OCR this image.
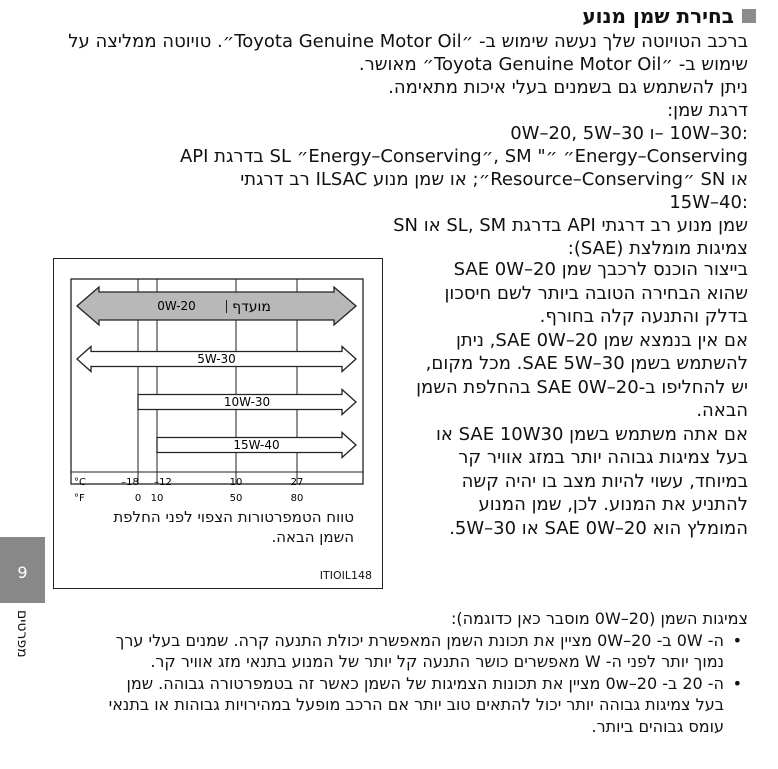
בחירת שמן מנוע
ברכב הטויוטה שלך נעשה שימוש ב- ״Toyota Genuine Motor Oil״. טויוטה ממליצה על
שימוש ב- ״Toyota Genuine Motor Oil״ מאושר.
ניתן להשתמש גם בשמנים בעלי איכות מתאימה.
דרגת שמן:
:10W–30 –ו 0W–20, 5W–30
Energy–Conserving״ ״" SM ,״Energy–Conserving״ SL בדרגת API
או SN ״Resource–Conserving״; או שמן מנוע ILSAC רב דרגתי
:15W–40
שמן מנוע רב דרגתי API בדרגת SL, SM או SN
צמיגות מומלצת (SAE):
בייצור הוכנס לרכבך שמן SAE 0W–20
שהוא הבחירה הטובה ביותר לשם חיסכון
בדלק והתנעה קלה בחורף.
אם אין בנמצא שמן SAE 0W–20, ניתן
להשתמש בשמן SAE 5W–30. מכל מקום,
יש להחליפו ב-SAE 0W–20 בהחלפת השמן
הבאה.
אם אתה משתמש בשמן SAE 10W30 או
בעל צמיגות גבוהה יותר במזג אוויר קר
במיוחד, עשוי להיות מצב בו יהיה קשה
להתניע את המנוע. לכן, שמן המנוע
המומלץ הוא SAE 0W–20 או 5W–30.
0W-20	מועדף
5W-30
10W-30
15W-40
°C
°F
–18 –12	10	27
0 10	50	80
טווח הטמפרטורות הצפוי לפני החלפת
השמן הבאה.
ITIOIL148
9
מפרטים	צמיגות השמן (0W–20 מוסבר כאן כדוגמה):
•
ה- 0W ב- 0W–20 מציין את תכונת השמן המאפשרת יכולת התנעה קרה. שמנים בעלי ערך
נמוך יותר לפני ה- W מאפשרים כושר התנעה קל יותר של המנוע בתנאי מזג אוויר קר.
•
ה- 20 ב- 0w–20 מציין את תכונות הצמיגות של השמן כאשר זה בטמפרטורה גבוהה. שמן
בעל צמיגות גבוהה יותר יכול להתאים טוב יותר אם הרכב מופעל במהירויות גבוהות או בתנאי
עומס גבוהים ביותר.
